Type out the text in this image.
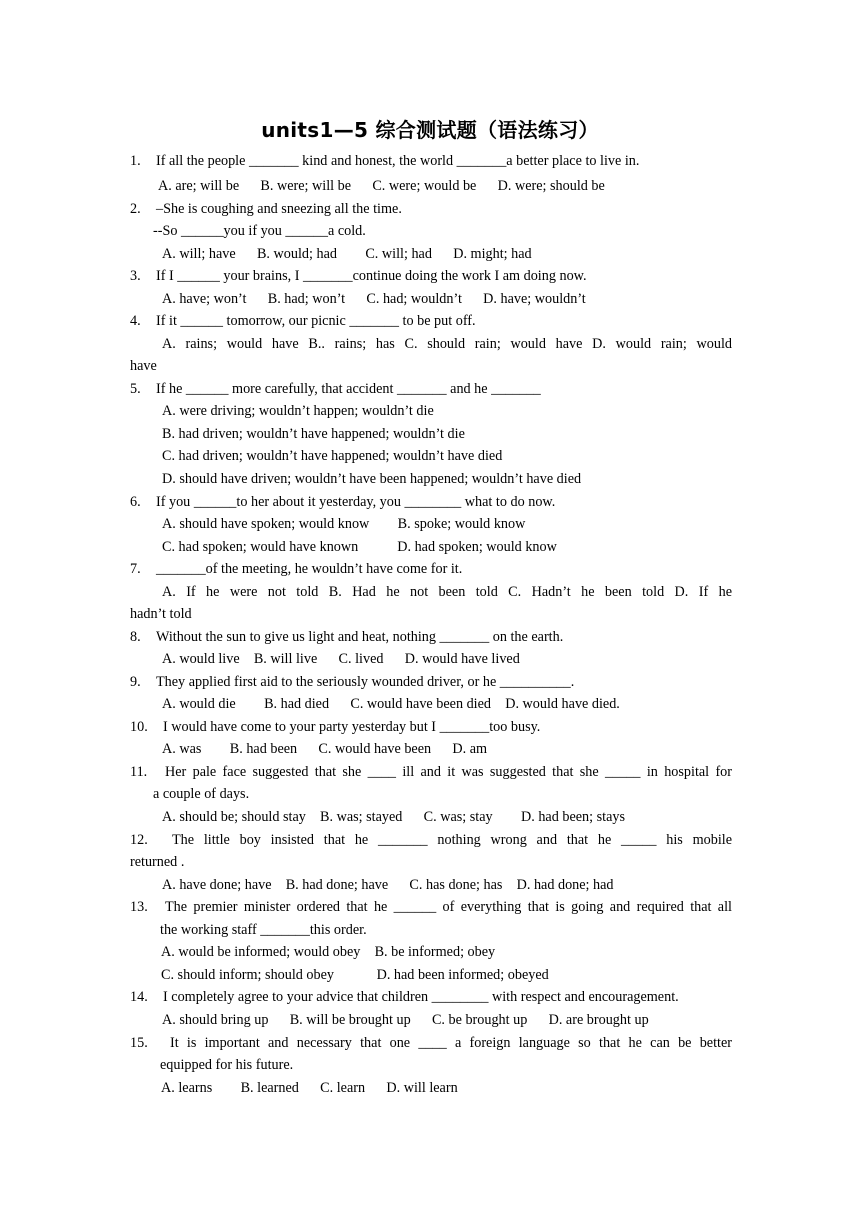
units1—5 综合测试题（语法练习）
1. If all the people _______ kind and honest, the world _______a better place to live in.
A. are; will be      B. were; will be      C. were; would be      D. were; should be
2. –She is coughing and sneezing all the time.
--So ______you if you ______a cold.
A. will; have      B. would; had        C. will; had      D. might; had
3. If I ______ your brains, I _______continue doing the work I am doing now.
A. have; won’t      B. had; won’t      C. had; wouldn’t      D. have; wouldn’t
4. If it ______ tomorrow, our picnic _______ to be put off.
A. rains; would have B.. rains; has C. should rain; would have D. would rain; would
have
5. If he ______ more carefully, that accident _______ and he _______
A. were driving; wouldn’t happen; wouldn’t die
B. had driven; wouldn’t have happened; wouldn’t die
C. had driven; wouldn’t have happened; wouldn’t have died
D. should have driven; wouldn’t have been happened; wouldn’t have died
6. If you ______to her about it yesterday, you ________ what to do now.
A. should have spoken; would know        B. spoke; would know
C. had spoken; would have known           D. had spoken; would know
7. _______of the meeting, he wouldn’t have come for it.
A. If he were not told B. Had he not been told C. Hadn’t he been told D. If he
hadn’t told
8. Without the sun to give us light and heat, nothing _______ on the earth.
A. would live    B. will live      C. lived      D. would have lived
9. They applied first aid to the seriously wounded driver, or he __________.
A. would die        B. had died      C. would have been died    D. would have died.
10. I would have come to your party yesterday but I _______too busy.
A. was        B. had been      C. would have been      D. am
11. Her pale face suggested that she ____ ill and it was suggested that she _____ in hospital for
a couple of days.
A. should be; should stay    B. was; stayed      C. was; stay        D. had been; stays
12. The little boy insisted that he _______ nothing wrong and that he _____ his mobile
returned .
A. have done; have    B. had done; have      C. has done; has    D. had done; had
13. The premier minister ordered that he ______ of everything that is going and required that all
the working staff _______this order.
A. would be informed; would obey    B. be informed; obey
C. should inform; should obey            D. had been informed; obeyed
14. I completely agree to your advice that children ________ with respect and encouragement.
A. should bring up      B. will be brought up      C. be brought up      D. are brought up
15. It is important and necessary that one ____ a foreign language so that he can be better
equipped for his future.
A. learns        B. learned      C. learn      D. will learn
